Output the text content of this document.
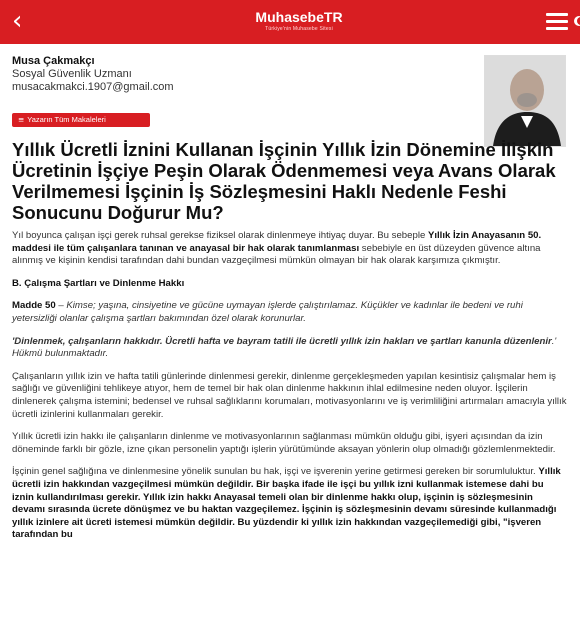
‹	MuhasebeTR
Türkiye'nin Muhasebe Sitesi
Musa Çakmakçı
Sosyal Güvenlik Uzmanı
musacakmakci.1907@gmail.com
≡ Yazarın Tüm Makaleleri
Yıllık Ücretli İznini Kullanan İşçinin Yıllık İzin Dönemine İlişkin Ücretinin İşçiye Peşin Olarak Ödenmemesi veya Avans Olarak Verilmemesi İşçinin İş Sözleşmesini Haklı Nedenle Feshi Sonucunu Doğurur Mu?

Yıl boyunca çalışan işçi gerek ruhsal gerekse fiziksel olarak dinlenmeye ihtiyaç duyar. Bu sebeple Yıllık İzin Anayasanın 50. maddesi ile tüm çalışanlara tanınan ve anayasal bir hak olarak tanımlanması sebebiyle en üst düzeyden güvence altına alınmış ve kişinin kendisi tarafından dahi bundan vazgeçilmesi mümkün olmayan bir hak olarak karşımıza çıkmıştır.

B. Çalışma Şartları ve Dinlenme Hakkı

Madde 50 – Kimse; yaşına, cinsiyetine ve gücüne uymayan işlerde çalıştırılamaz. Küçükler ve kadınlar ile bedeni ve ruhi yetersizliği olanlar çalışma şartları bakımından özel olarak korunurlar.

'Dinlenmek, çalışanların hakkıdır. Ücretli hafta ve bayram tatili ile ücretli yıllık izin hakları ve şartları kanunla düzenlenir.' Hükmü bulunmaktadır.

Çalışanların yıllık izin ve hafta tatili günlerinde dinlenmesi gerekir, dinlenme gerçekleşmeden yapılan kesintisiz çalışmalar hem iş sağlığı ve güvenliğini tehlikeye atıyor, hem de temel bir hak olan dinlenme hakkının ihlal edilmesine neden oluyor. İşçilerin dinlenerek çalışma istemini; bedensel ve ruhsal sağlıklarını korumaları, motivasyonlarını ve iş verimliliğini artırmaları amacıyla yıllık ücretli izinlerini kullanmaları gerekir.

Yıllık ücretli izin hakkı ile çalışanların dinlenme ve motivasyonlarının sağlanması mümkün olduğu gibi, işyeri açısından da izin döneminde farklı bir gözle, izne çıkan personelin yaptığı işlerin yürütümünde aksayan yönlerin olup olmadığı gözlemlenmektedir.

İşçinin genel sağlığına ve dinlenmesine yönelik sunulan bu hak, işçi ve işverenin yerine getirmesi gereken bir sorumluluktur. Yıllık ücretli izin hakkından vazgeçilmesi mümkün değildir. Bir başka ifade ile işçi bu yıllık izni kullanmak istemese dahi bu iznin kullandırılması gerekir. Yıllık izin hakkı Anayasal temeli olan bir dinlenme hakkı olup, işçinin iş sözleşmesinin devamı sırasında ücrete dönüşmez ve bu haktan vazgeçilemez. İşçinin iş sözleşmesinin devamı süresinde kullanmadığı yıllık izinlere ait ücreti istemesi mümkün değildir. Bu yüzdendir ki yıllık izin hakkından vazgeçilemediği gibi, "işveren tarafından bu
